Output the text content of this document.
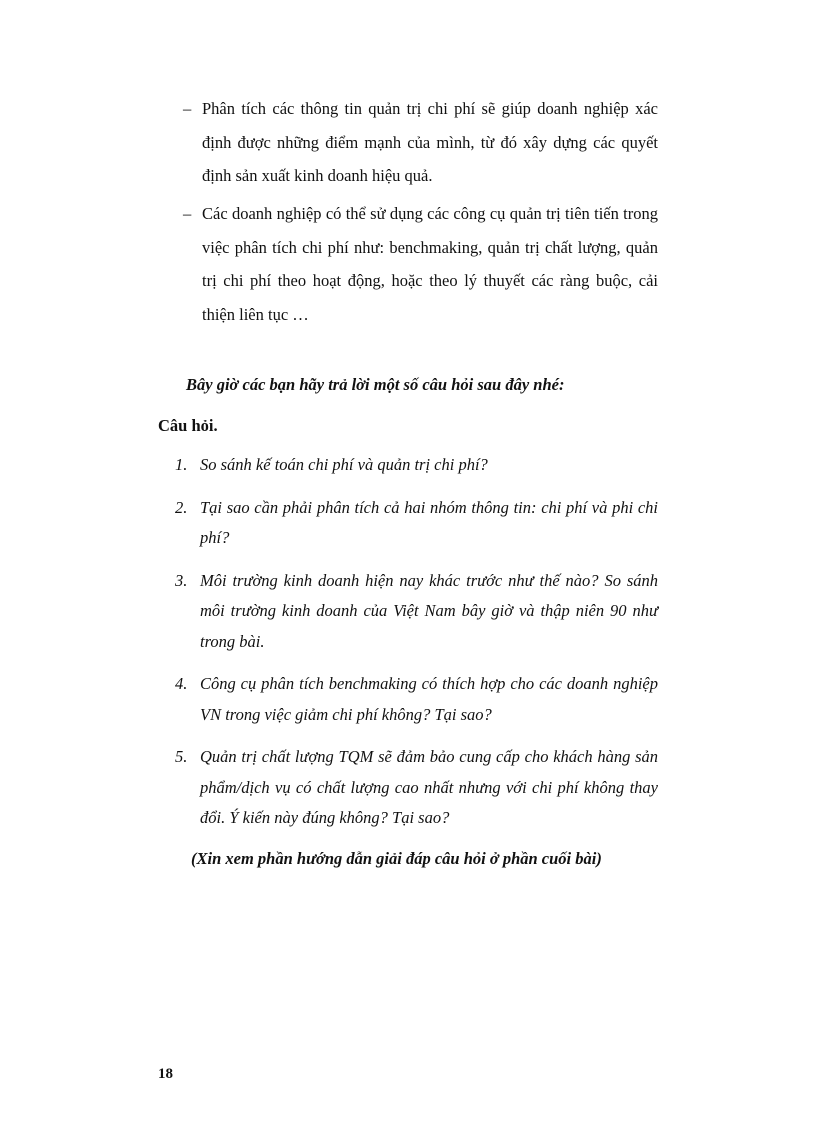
– Phân tích các thông tin quản trị chi phí sẽ giúp doanh nghiệp xác định được những điểm mạnh của mình, từ đó xây dựng các quyết định sản xuất kinh doanh hiệu quả.
– Các doanh nghiệp có thể sử dụng các công cụ quản trị tiên tiến trong việc phân tích chi phí như: benchmaking, quản trị chất lượng, quản trị chi phí theo hoạt động, hoặc theo lý thuyết các ràng buộc, cải thiện liên tục …
Bây giờ các bạn hãy trả lời một số câu hỏi sau đây nhé:
Câu hỏi.
1. So sánh kế toán chi phí và quản trị chi phí?
2. Tại sao cần phải phân tích cả hai nhóm thông tin: chi phí và phi chi phí?
3. Môi trường kinh doanh hiện nay khác trước như thế nào? So sánh môi trường kinh doanh của Việt Nam bây giờ và thập niên 90 như trong bài.
4. Công cụ phân tích benchmaking có thích hợp cho các doanh nghiệp VN trong việc giảm chi phí không? Tại sao?
5. Quản trị chất lượng TQM sẽ đảm bảo cung cấp cho khách hàng sản phẩm/dịch vụ có chất lượng cao nhất nhưng với chi phí không thay đổi. Ý kiến này đúng không? Tại sao?
(Xin xem phần hướng dẫn giải đáp câu hỏi ở phần cuối bài)
18
